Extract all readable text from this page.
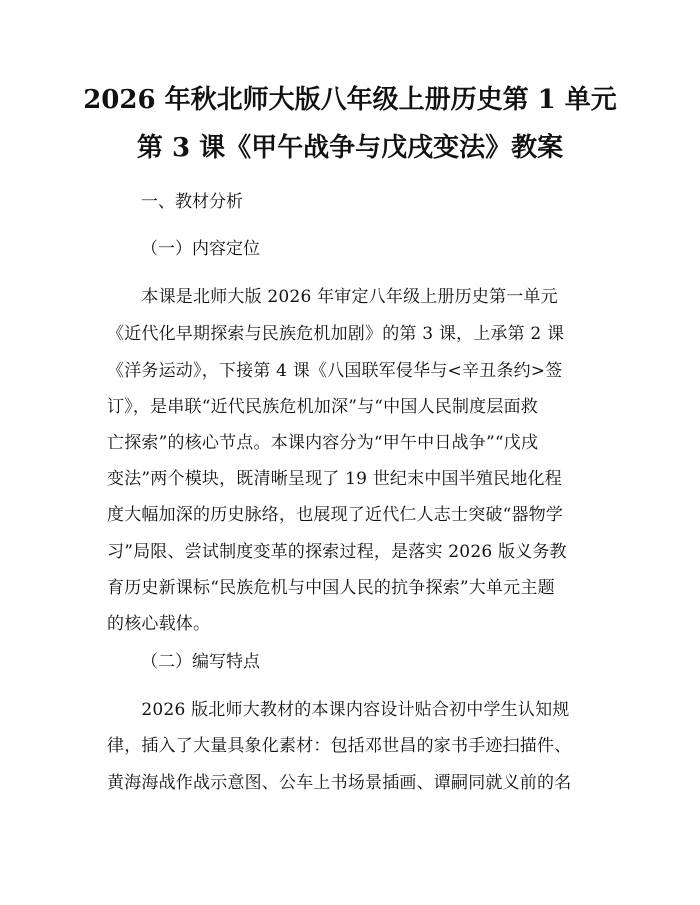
2026 年秋北师大版八年级上册历史第 1 单元
第 3 课《甲午战争与戊戌变法》教案
一、教材分析
（一）内容定位
　　本课是北师大版 2026 年审定八年级上册历史第一单元
《近代化早期探索与民族危机加剧》的第 3 课，上承第 2 课
《洋务运动》，下接第 4 课《八国联军侵华与<辛丑条约>签
订》，是串联“近代民族危机加深”与“中国人民制度层面救
亡探索”的核心节点。本课内容分为“甲午中日战争”“戊戌
变法”两个模块，既清晰呈现了 19 世纪末中国半殖民地化程
度大幅加深的历史脉络，也展现了近代仁人志士突破“器物学
习”局限、尝试制度变革的探索过程，是落实 2026 版义务教
育历史新课标“民族危机与中国人民的抗争探索”大单元主题
的核心载体。
（二）编写特点
　　2026 版北师大教材的本课内容设计贴合初中学生认知规
律，插入了大量具象化素材：包括邓世昌的家书手迹扫描件、
黄海海战作战示意图、公车上书场景插画、谭嗣同就义前的名
